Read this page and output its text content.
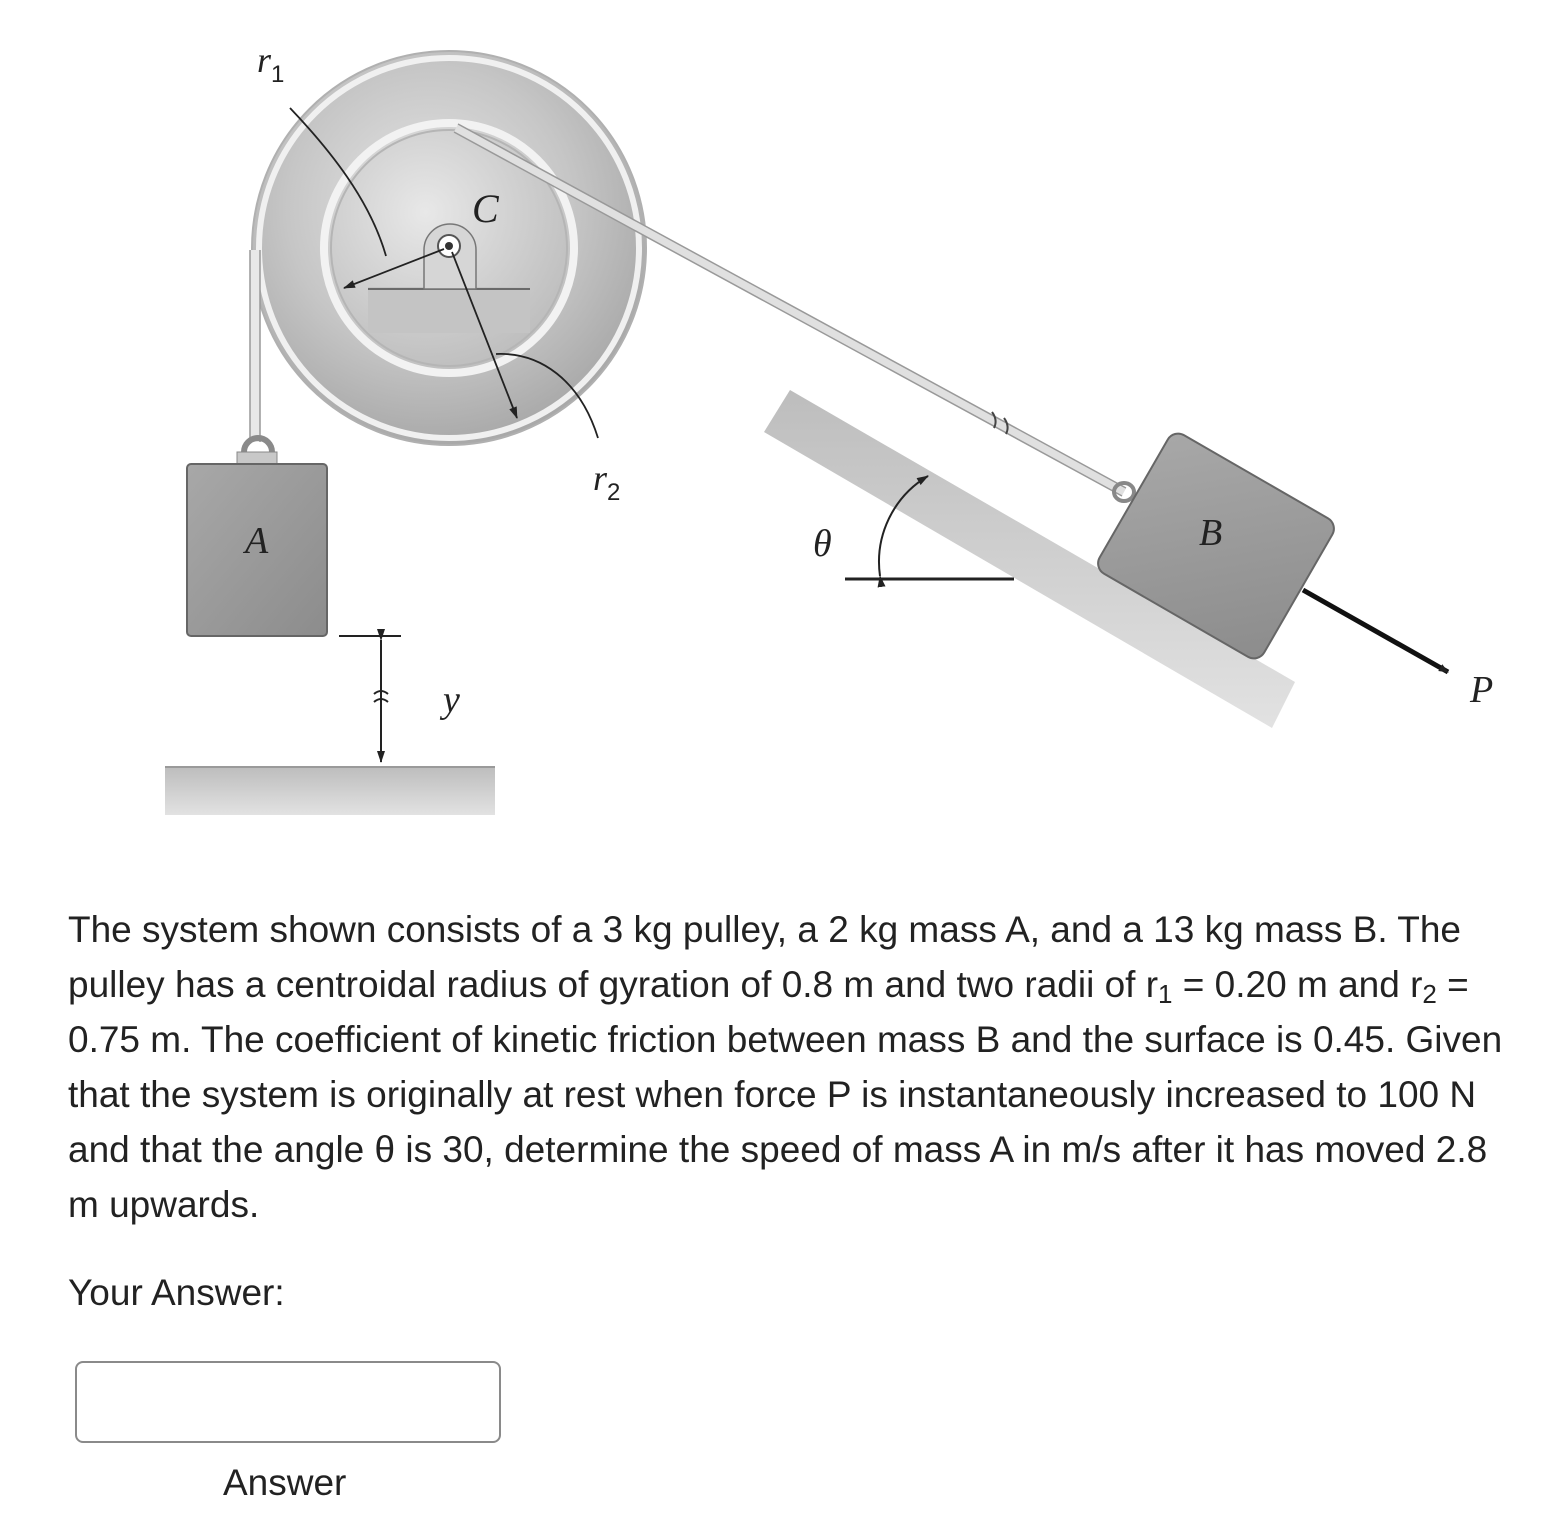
$r_1$
$r_2$
C
A	B
y
θ
P

The system shown consists of a 3 kg pulley, a 2 kg mass A, and a 13 kg mass B. The pulley has a centroidal radius of gyration of 0.8 m and two radii of $r_1 = 0.20$ m and $r_2 = 0.75$ m. The coefficient of kinetic friction between mass B and the surface is 0.45. Given that the system is originally at rest when force P is instantaneously increased to 100 N and that the angle θ is 30, determine the speed of mass A in m/s after it has moved 2.8 m upwards.

Your Answer:
Answer
